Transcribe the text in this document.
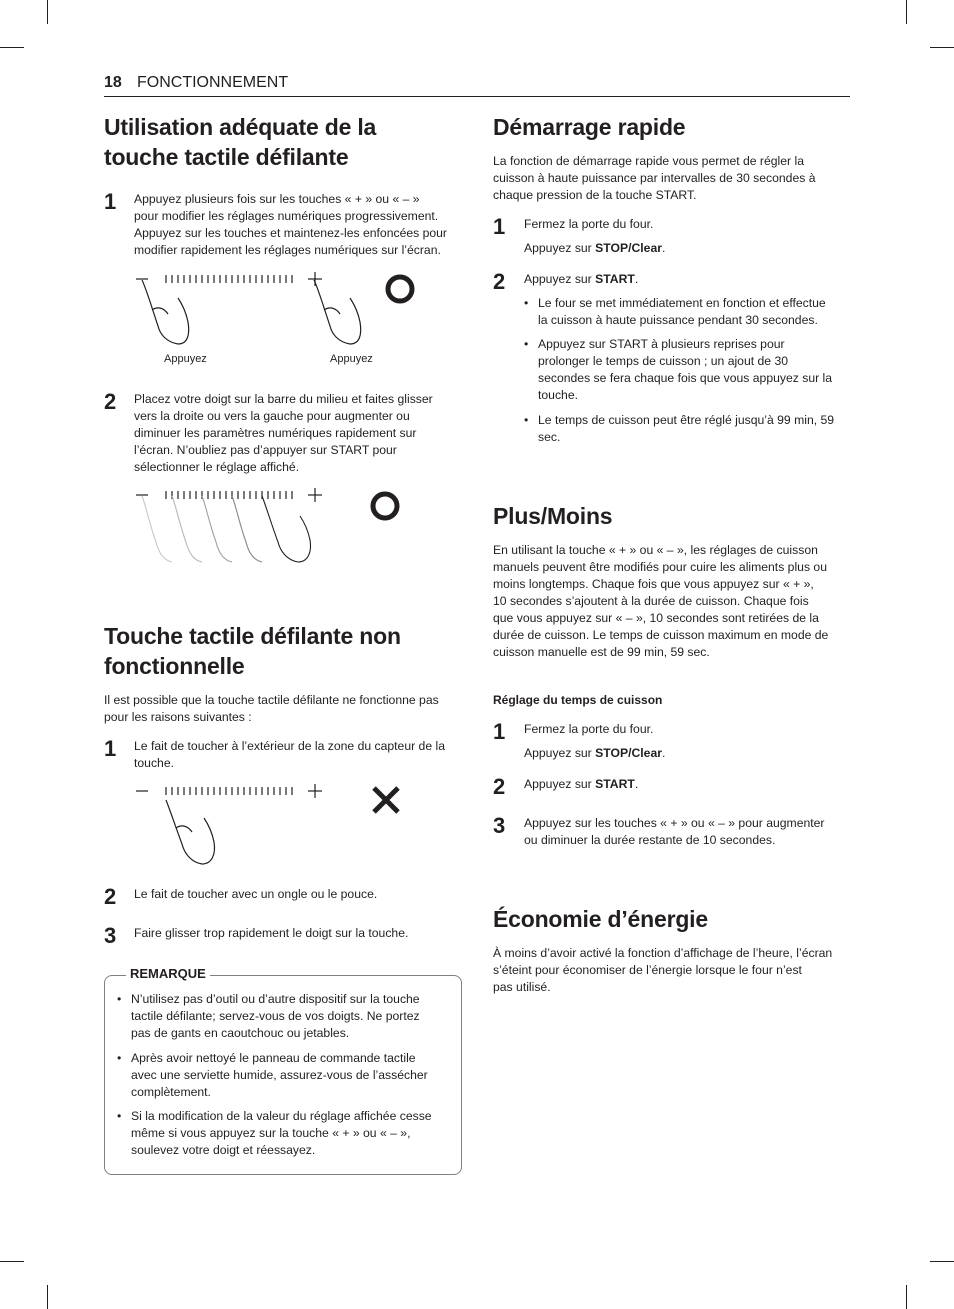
18 FONCTIONNEMENT
Utilisation adéquate de la
touche tactile défilante
1 Appuyez plusieurs fois sur les touches « + » ou « – »
pour modifier les réglages numériques progressivement.
Appuyez sur les touches et maintenez-les enfoncées pour
modifier rapidement les réglages numériques sur l’écran.
Appuyez	Appuyez
2 Placez votre doigt sur la barre du milieu et faites glisser
vers la droite ou vers la gauche pour augmenter ou
diminuer les paramètres numériques rapidement sur
l’écran. N’oubliez pas d’appuyer sur START pour
sélectionner le réglage affiché.
Touche tactile défilante non
fonctionnelle
Il est possible que la touche tactile défilante ne fonctionne pas
pour les raisons suivantes :
1 Le fait de toucher à l’extérieur de la zone du capteur de la
touche.
2 Le fait de toucher avec un ongle ou le pouce.
3 Faire glisser trop rapidement le doigt sur la touche.
REMARQUE
• N’utilisez pas d’outil ou d’autre dispositif sur la touche
tactile défilante; servez-vous de vos doigts. Ne portez
pas de gants en caoutchouc ou jetables.
• Après avoir nettoyé le panneau de commande tactile
avec une serviette humide, assurez-vous de l’assécher
complètement.
• Si la modification de la valeur du réglage affichée cesse
même si vous appuyez sur la touche « + » ou « – »,
soulevez votre doigt et réessayez.
Démarrage rapide
La fonction de démarrage rapide vous permet de régler la
cuisson à haute puissance par intervalles de 30 secondes à
chaque pression de la touche START.
1 Fermez la porte du four.
Appuyez sur STOP/Clear.
2 Appuyez sur START.
• Le four se met immédiatement en fonction et effectue
la cuisson à haute puissance pendant 30 secondes.
• Appuyez sur START à plusieurs reprises pour
prolonger le temps de cuisson ; un ajout de 30
secondes se fera chaque fois que vous appuyez sur la
touche.
• Le temps de cuisson peut être réglé jusqu’à 99 min, 59
sec.
Plus/Moins
En utilisant la touche « + » ou « – », les réglages de cuisson
manuels peuvent être modifiés pour cuire les aliments plus ou
moins longtemps. Chaque fois que vous appuyez sur « + »,
10 secondes s’ajoutent à la durée de cuisson. Chaque fois
que vous appuyez sur « – », 10 secondes sont retirées de la
durée de cuisson. Le temps de cuisson maximum en mode de
cuisson manuelle est de 99 min, 59 sec.
Réglage du temps de cuisson
1 Fermez la porte du four.
Appuyez sur STOP/Clear.
2 Appuyez sur START.
3 Appuyez sur les touches « + » ou « – » pour augmenter
ou diminuer la durée restante de 10 secondes.
Économie d’énergie
À moins d’avoir activé la fonction d’affichage de l’heure, l’écran
s’éteint pour économiser de l’énergie lorsque le four n’est
pas utilisé.
